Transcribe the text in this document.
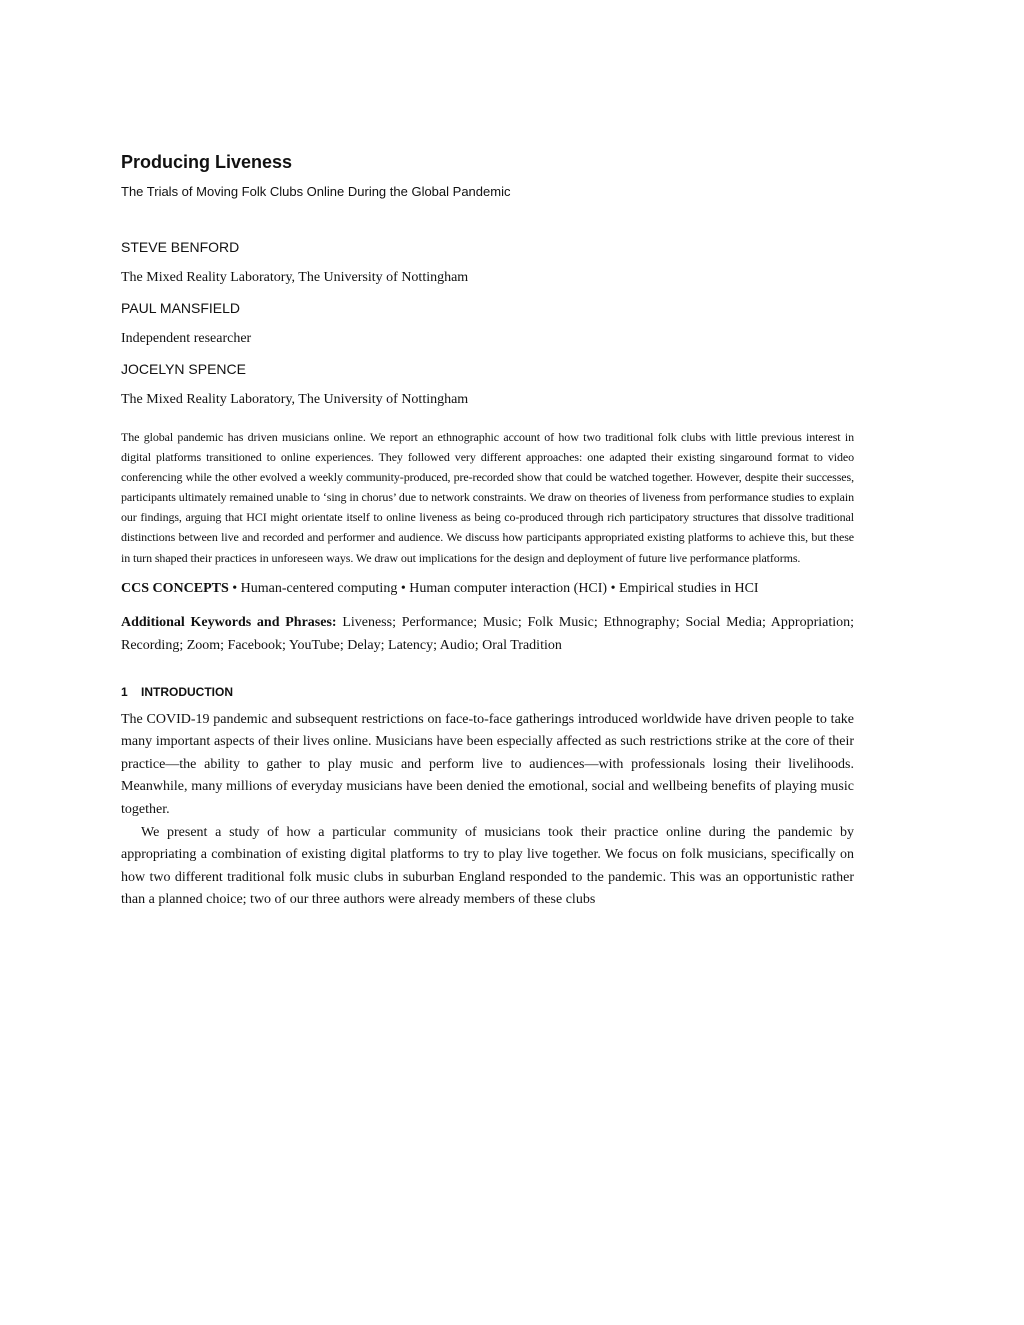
Producing Liveness

The Trials of Moving Folk Clubs Online During the Global Pandemic

STEVE BENFORD

The Mixed Reality Laboratory, The University of Nottingham

PAUL MANSFIELD

Independent researcher

JOCELYN SPENCE

The Mixed Reality Laboratory, The University of Nottingham

The global pandemic has driven musicians online. We report an ethnographic account of how two traditional folk clubs with little previous interest in digital platforms transitioned to online experiences. They followed very different approaches: one adapted their existing singaround format to video conferencing while the other evolved a weekly community-produced, pre-recorded show that could be watched together. However, despite their successes, participants ultimately remained unable to ‘sing in chorus’ due to network constraints. We draw on theories of liveness from performance studies to explain our findings, arguing that HCI might orientate itself to online liveness as being co-produced through rich participatory structures that dissolve traditional distinctions between live and recorded and performer and audience. We discuss how participants appropriated existing platforms to achieve this, but these in turn shaped their practices in unforeseen ways. We draw out implications for the design and deployment of future live performance platforms.

CCS CONCEPTS • Human-centered computing • Human computer interaction (HCI) • Empirical studies in HCI

Additional Keywords and Phrases: Liveness; Performance; Music; Folk Music; Ethnography; Social Media; Appropriation; Recording; Zoom; Facebook; YouTube; Delay; Latency; Audio; Oral Tradition

1 INTRODUCTION

The COVID-19 pandemic and subsequent restrictions on face-to-face gatherings introduced worldwide have driven people to take many important aspects of their lives online. Musicians have been especially affected as such restrictions strike at the core of their practice—the ability to gather to play music and perform live to audiences—with professionals losing their livelihoods. Meanwhile, many millions of everyday musicians have been denied the emotional, social and wellbeing benefits of playing music together.

We present a study of how a particular community of musicians took their practice online during the pandemic by appropriating a combination of existing digital platforms to try to play live together. We focus on folk musicians, specifically on how two different traditional folk music clubs in suburban England responded to the pandemic. This was an opportunistic rather than a planned choice; two of our three authors were already members of these clubs
